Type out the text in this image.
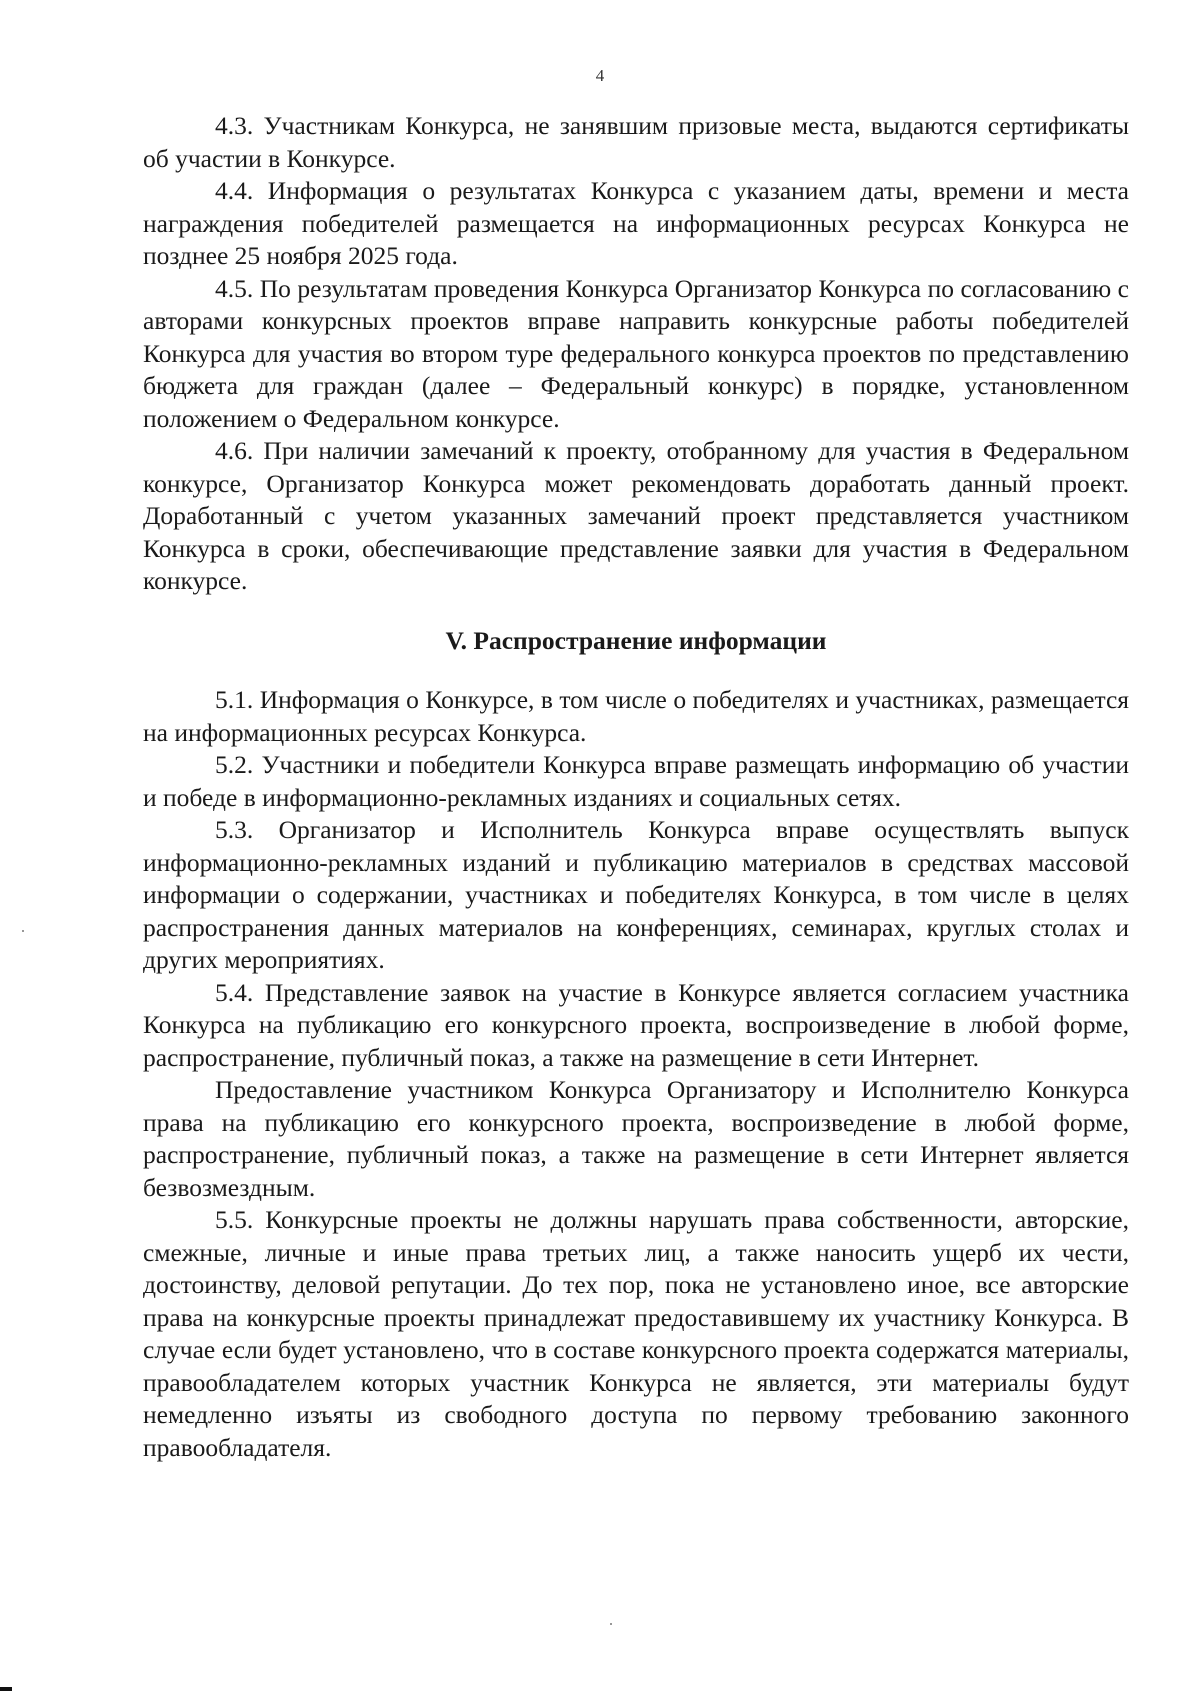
4

4.3. Участникам Конкурса, не занявшим призовые места, выдаются сертификаты об участии в Конкурсе.

4.4. Информация о результатах Конкурса с указанием даты, времени и места награждения победителей размещается на информационных ресурсах Конкурса не позднее 25 ноября 2025 года.

4.5. По результатам проведения Конкурса Организатор Конкурса по согласованию с авторами конкурсных проектов вправе направить конкурсные работы победителей Конкурса для участия во втором туре федерального конкурса проектов по представлению бюджета для граждан (далее – Федеральный конкурс) в порядке, установленном положением о Федеральном конкурсе.

4.6. При наличии замечаний к проекту, отобранному для участия в Федеральном конкурсе, Организатор Конкурса может рекомендовать доработать данный проект. Доработанный с учетом указанных замечаний проект представляется участником Конкурса в сроки, обеспечивающие представление заявки для участия в Федеральном конкурсе.

V. Распространение информации

5.1. Информация о Конкурсе, в том числе о победителях и участниках, размещается на информационных ресурсах Конкурса.

5.2. Участники и победители Конкурса вправе размещать информацию об участии и победе в информационно-рекламных изданиях и социальных сетях.

5.3. Организатор и Исполнитель Конкурса вправе осуществлять выпуск информационно-рекламных изданий и публикацию материалов в средствах массовой информации о содержании, участниках и победителях Конкурса, в том числе в целях распространения данных материалов на конференциях, семинарах, круглых столах и других мероприятиях.

5.4. Представление заявок на участие в Конкурсе является согласием участника Конкурса на публикацию его конкурсного проекта, воспроизведение в любой форме, распространение, публичный показ, а также на размещение в сети Интернет.

Предоставление участником Конкурса Организатору и Исполнителю Конкурса права на публикацию его конкурсного проекта, воспроизведение в любой форме, распространение, публичный показ, а также на размещение в сети Интернет является безвозмездным.

5.5. Конкурсные проекты не должны нарушать права собственности, авторские, смежные, личные и иные права третьих лиц, а также наносить ущерб их чести, достоинству, деловой репутации. До тех пор, пока не установлено иное, все авторские права на конкурсные проекты принадлежат предоставившему их участнику Конкурса. В случае если будет установлено, что в составе конкурсного проекта содержатся материалы, правообладателем которых участник Конкурса не является, эти материалы будут немедленно изъяты из свободного доступа по первому требованию законного правообладателя.
